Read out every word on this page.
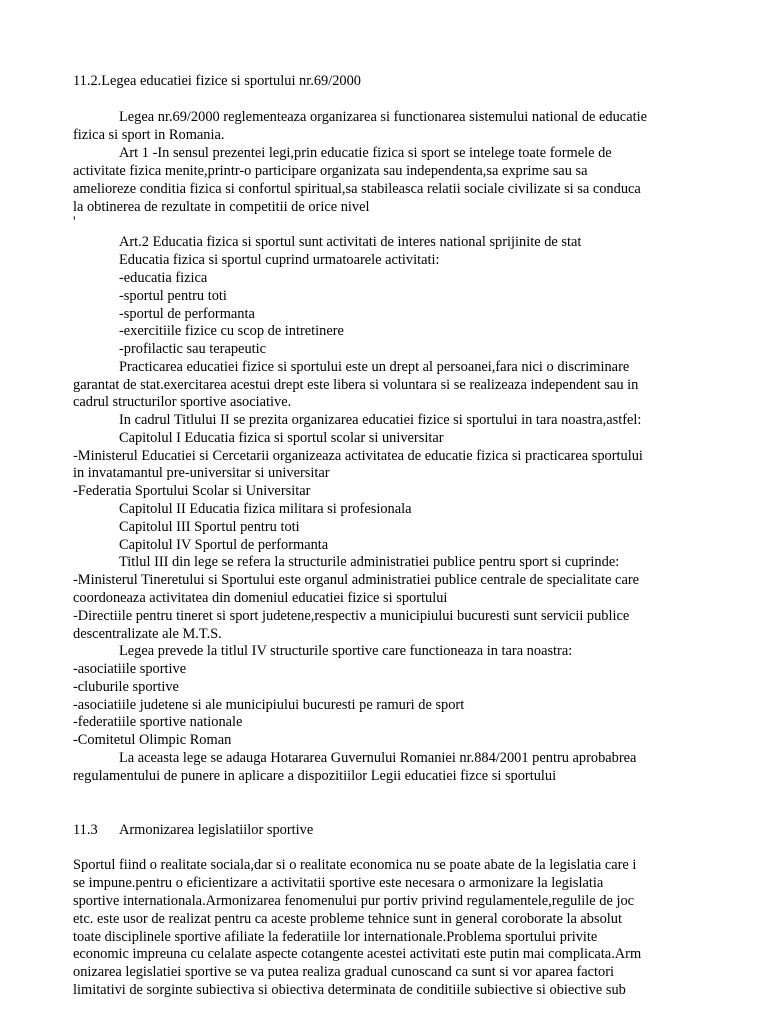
11.2.Legea educatiei fizice si sportului nr.69/2000
Legea nr.69/2000 reglementeaza organizarea si functionarea sistemului national de educatie
fizica si sport in Romania.
Art 1 -In sensul prezentei legi,prin educatie fizica si sport se intelege toate formele de
activitate fizica menite,printr-o participare organizata sau independenta,sa exprime sau sa
amelioreze conditia fizica si confortul spiritual,sa stabileasca relatii sociale civilizate si sa conduca
la obtinerea de rezultate in competitii de orice nivel
'
Art.2 Educatia fizica si sportul sunt activitati de interes national sprijinite de stat
Educatia fizica si sportul cuprind urmatoarele activitati:
-educatia fizica
-sportul pentru toti
-sportul de performanta
-exercitiile fizice cu scop de intretinere
-profilactic sau terapeutic
Practicarea educatiei fizice si sportului este un drept al persoanei,fara nici o discriminare
garantat de stat.exercitarea acestui drept este libera si voluntara si se realizeaza independent sau in
cadrul structurilor sportive asociative.
In cadrul Titlului II se prezita organizarea educatiei fizice si sportului in tara noastra,astfel:
Capitolul I Educatia fizica si sportul scolar si universitar
-Ministerul Educatiei si Cercetarii organizeaza activitatea de educatie fizica si practicarea sportului
in invatamantul pre-universitar si universitar
-Federatia Sportului Scolar si Universitar
Capitolul II Educatia fizica militara si profesionala
Capitolul III Sportul pentru toti
Capitolul IV Sportul de performanta
Titlul III din lege se refera la structurile administratiei publice pentru sport si cuprinde:
-Ministerul Tineretului si Sportului este organul administratiei publice centrale de specialitate care
coordoneaza activitatea din domeniul educatiei fizice si sportului
-Directiile pentru tineret si sport judetene,respectiv a municipiului bucuresti sunt servicii publice
descentralizate ale M.T.S.
Legea prevede la titlul IV structurile sportive care functioneaza in tara noastra:
-asociatiile sportive
-cluburile sportive
-asociatiile judetene si ale municipiului bucuresti pe ramuri de sport
-federatiile sportive nationale
-Comitetul Olimpic Roman
La aceasta lege se adauga Hotararea Guvernului Romaniei nr.884/2001 pentru aprobabrea
regulamentului de punere in aplicare a dispozitiilor Legii educatiei fizce si sportului
11.3 Armonizarea legislatiilor sportive
Sportul fiind o realitate sociala,dar si o realitate economica nu se poate abate de la legislatia care i
se impune.pentru o eficientizare a activitatii sportive este necesara o armonizare la legislatia
sportive internationala.Armonizarea fenomenului pur portiv privind regulamentele,regulile de joc
etc. este usor de realizat pentru ca aceste probleme tehnice sunt in general coroborate la absolut
toate disciplinele sportive afiliate la federatiile lor internationale.Problema sportului privite
economic impreuna cu celalate aspecte cotangente acestei activitati este putin mai complicata.Arm
onizarea legislatiei sportive se va putea realiza gradual cunoscand ca sunt si vor aparea factori
limitativi de sorginte subiectiva si obiectiva determinata de conditiile subiective si obiective sub
